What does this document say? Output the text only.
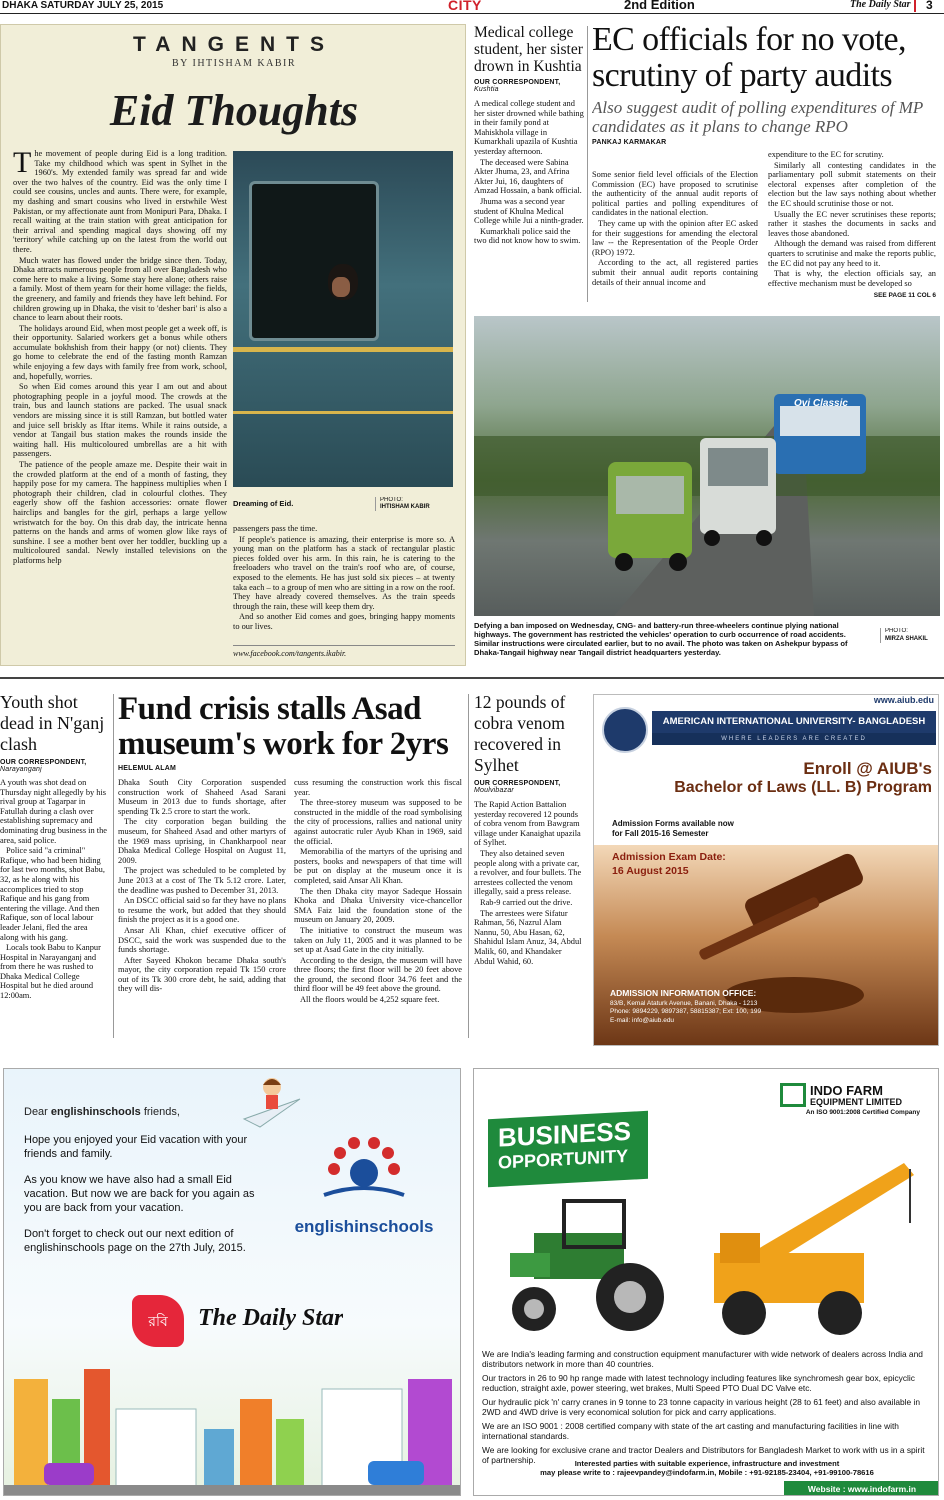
DHAKA SATURDAY JULY 25, 2015	CITY	2nd Edition	The Daily Star 3
TANGENTS
BY IHTISHAM KABIR
Eid Thoughts

The movement of people during Eid is a long tradition. Take my childhood which was spent in Sylhet in the 1960's. My extended family was spread far and wide over the two halves of the country. Eid was the only time I could see cousins, uncles and aunts. There were, for example, my dashing and smart cousins who lived in erstwhile West Pakistan, or my affectionate aunt from Monipuri Para, Dhaka. I recall waiting at the train station with great anticipation for their arrival and spending magical days showing off my 'territory' while catching up on the latest from the world out there.

Much water has flowed under the bridge since then. Today, Dhaka attracts numerous people from all over Bangladesh who come here to make a living. Some stay here alone; others raise a family. Most of them yearn for their home village: the fields, the greenery, and family and friends they have left behind. For children growing up in Dhaka, the visit to 'desher bari' is also a chance to learn about their roots.

The holidays around Eid, when most people get a week off, is their opportunity. Salaried workers get a bonus while others accumulate bokhshish from their happy (or not) clients. They go home to celebrate the end of the fasting month Ramzan while enjoying a few days with family free from work, school, and, hopefully, worries.

So when Eid comes around this year I am out and about photographing people in a joyful mood. The crowds at the train, bus and launch stations are packed. The usual snack vendors are missing since it is still Ramzan, but bottled water and juice sell briskly as Iftar items. While it rains outside, a vendor at Tangail bus station makes the rounds inside the waiting hall. His multicoloured umbrellas are a hit with passengers.

The patience of the people amaze me. Despite their wait in the crowded platform at the end of a month of fasting, they happily pose for my camera. The happiness multiplies when I photograph their children, clad in colourful clothes. They eagerly show off the fashion accessories: ornate flower hairclips and bangles for the girl, perhaps a large yellow wristwatch for the boy. On this drab day, the intricate henna patterns on the hands and arms of women glow like rays of sunshine. I see a mother bent over her toddler, buckling up a multicoloured sandal. Newly installed televisions on the platforms help

Dreaming of Eid.	PHOTO:
IHTISHAM KABIR

passengers pass the time.

If people's patience is amazing, their enterprise is more so. A young man on the platform has a stack of rectangular plastic pieces folded over his arm. In this rain, he is catering to the freeloaders who travel on the train's roof who are, of course, exposed to the elements. He has just sold six pieces – at twenty taka each – to a group of men who are sitting in a row on the roof. They have already covered themselves. As the train speeds through the rain, these will keep them dry.

And so another Eid comes and goes, bringing happy moments to our lives.

www.facebook.com/tangents.ikabir.
Medical college student, her sister drown in Kushtia
OUR CORRESPONDENT, Kushtia

A medical college student and her sister drowned while bathing in their family pond at Mahiskhola village in Kumarkhali upazila of Kushtia yesterday afternoon.

The deceased were Sabina Akter Jhuma, 23, and Afrina Akter Jui, 16, daughters of Amzad Hossain, a bank official.

Jhuma was a second year student of Khulna Medical College while Jui a ninth-grader.

Kumarkhali police said the two did not know how to swim.

EC officials for no vote, scrutiny of party audits
Also suggest audit of polling expenditures of MP candidates as it plans to change RPO
PANKAJ KARMAKAR

Some senior field level officials of the Election Commission (EC) have proposed to scrutinise the authenticity of the annual audit reports of political parties and polling expenditures of candidates in the national election.

They came up with the opinion after EC asked for their suggestions for amending the electoral law -- the Representation of the People Order (RPO) 1972.

According to the act, all registered parties submit their annual audit reports containing details of their annual income and

expenditure to the EC for scrutiny.

Similarly all contesting candidates in the parliamentary poll submit statements on their electoral expenses after completion of the election but the law says nothing about whether the EC should scrutinise those or not.

Usually the EC never scrutinises these reports; rather it stashes the documents in sacks and leaves those abandoned.

Although the demand was raised from different quarters to scrutinise and make the reports public, the EC did not pay any heed to it.

That is why, the election officials say, an effective mechanism must be developed so

SEE PAGE 11 COL 6
Ovi Classic
Defying a ban imposed on Wednesday, CNG- and battery-run three-wheelers continue plying national highways. The government has restricted the vehicles' operation to curb occurrence of road accidents. Similar instructions were circulated earlier, but to no avail. The photo was taken on Ashekpur bypass of Dhaka-Tangail highway near Tangail district headquarters yesterday.
PHOTO:
MIRZA SHAKIL
Youth shot dead in N'ganj clash
OUR CORRESPONDENT,
Narayanganj

A youth was shot dead on Thursday night allegedly by his rival group at Tagarpar in Fatullah during a clash over establishing supremacy and dominating drug business in the area, said police.

Police said "a criminal" Rafique, who had been hiding for last two months, shot Babu, 32, as he along with his accomplices tried to stop Rafique and his gang from entering the village. And then Rafique, son of local labour leader Jelani, fled the area along with his gang.

Locals took Babu to Kanpur Hospital in Narayanganj and from there he was rushed to Dhaka Medical College Hospital but he died around 12:00am.

Fund crisis stalls Asad museum's work for 2yrs
HELEMUL ALAM

Dhaka South City Corporation suspended construction work of Shaheed Asad Sarani Museum in 2013 due to funds shortage, after spending Tk 2.5 crore to start the work.

The city corporation began building the museum, for Shaheed Asad and other martyrs of the 1969 mass uprising, in Chankharpool near Dhaka Medical College Hospital on August 11, 2009.

The project was scheduled to be completed by June 2013 at a cost of The Tk 5.12 crore. Later, the deadline was pushed to December 31, 2013.

An DSCC official said so far they have no plans to resume the work, but added that they should finish the project as it is a good one.

Ansar Ali Khan, chief executive officer of DSCC, said the work was suspended due to the funds shortage.

After Sayeed Khokon became Dhaka south's mayor, the city corporation repaid Tk 150 crore out of its Tk 300 crore debt, he said, adding that they will dis-

cuss resuming the construction work this fiscal year.

The three-storey museum was supposed to be constructed in the middle of the road symbolising the city of processions, rallies and national unity against autocratic ruler Ayub Khan in 1969, said the official.

Memorabilia of the martyrs of the uprising and posters, books and newspapers of that time will be put on display at the museum once it is completed, said Ansar Ali Khan.

The then Dhaka city mayor Sadeque Hossain Khoka and Dhaka University vice-chancellor SMA Faiz laid the foundation stone of the museum on January 20, 2009.

The initiative to construct the museum was taken on July 11, 2005 and it was planned to be set up at Asad Gate in the city initially.

According to the design, the museum will have three floors; the first floor will be 20 feet above the ground, the second floor 34.76 feet and the third floor will be 49 feet above the ground.

All the floors would be 4,252 square feet.

12 pounds of cobra venom recovered in Sylhet
OUR CORRESPONDENT,
Moulvibazar

The Rapid Action Battalion yesterday recovered 12 pounds of cobra venom from Bawgram village under Kanaighat upazila of Sylhet.

They also detained seven people along with a private car, a revolver, and four bullets. The arrestees collected the venom illegally, said a press release.

Rab-9 carried out the drive.

The arrestees were Sifatur Rahman, 56, Nazrul Alam Nannu, 50, Abu Hasan, 62, Shahidul Islam Anuz, 34, Abdul Malik, 60, and Khandaker Abdul Wahid, 60.

www.aiub.edu
AMERICAN INTERNATIONAL UNIVERSITY- BANGLADESH
WHERE LEADERS ARE CREATED
Enroll @ AIUB's
Bachelor of Laws (LL. B) Program
Admission Forms available now
for Fall 2015-16 Semester
Admission Exam Date:
16 August 2015
ADMISSION INFORMATION OFFICE:
83/B, Kemal Ataturk Avenue, Banani, Dhaka - 1213
Phone: 9894229, 9897387, 58815387; Ext: 100, 199
E-mail: info@aiub.edu
Dear englishinschools friends,
Hope you enjoyed your Eid vacation with your friends and family.
As you know we have also had a small Eid vacation. But now we are back for you again as you are back from your vacation.
Don't forget to check out our next edition of englishinschools page on the 27th July, 2015.
englishinschools
রবি	The Daily Star
INDO FARM
EQUIPMENT LIMITED
An ISO 9001:2008 Certified Company
BUSINESS
OPPORTUNITY

We are India's leading farming and construction equipment manufacturer with wide network of dealers across India and distributors network in more than 40 countries.

Our tractors in 26 to 90 hp range made with latest technology including features like synchromesh gear box, epicyclic reduction, straight axle, power steering, wet brakes, Multi Speed PTO Dual DC Valve etc.

Our hydraulic pick 'n' carry cranes in 9 tonne to 23 tonne capacity in various height (28 to 61 feet) and also available in 2WD and 4WD drive is very economical solution for pick and carry applications.

We are an ISO 9001 : 2008 certified company with state of the art casting and manufacturing facilities in line with international standards.

We are looking for exclusive crane and tractor Dealers and Distributors for Bangladesh Market to work with us in a spirit of partnership.	Interested parties with suitable experience, infrastructure and investment
may please write to : rajeevpandey@indofarm.in, Mobile : +91-92185-23404, +91-99100-78616
Website : www.indofarm.in
